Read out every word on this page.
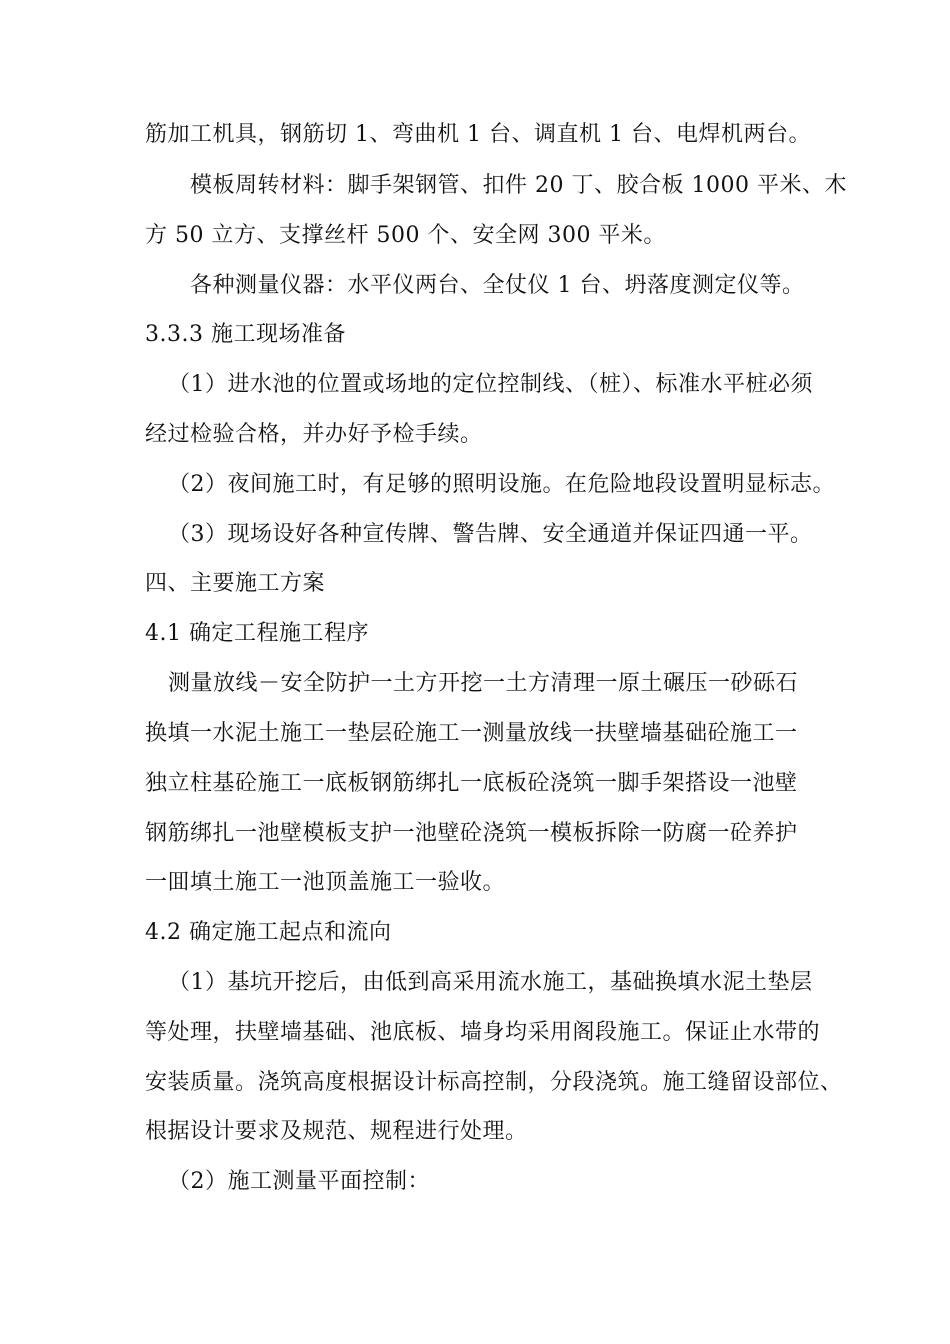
筋加工机具，钢筋切 1、弯曲机 1 台、调直机 1 台、电焊机两台。
模板周转材料：脚手架钢管、扣件 20 丁、胶合板 1000 平米、木
方 50 立方、支撑丝杆 500 个、安全网 300 平米。
各种测量仪器：水平仪两台、全仗仪 1 台、坍落度测定仪等。
3.3.3 施工现场准备
（1）进水池的位置或场地的定位控制线、（桩）、标准水平桩必须
经过检验合格，并办好予检手续。
（2）夜间施工时，有足够的照明设施。在危险地段设置明显标志。
（3）现场设好各种宣传牌、警告牌、安全通道并保证四通一平。
四、主要施工方案
4.1 确定工程施工程序
测量放线－安全防护一土方开挖一土方清理一原土碾压一砂砾石
换填一水泥土施工一垫层砼施工一测量放线一扶壁墙基础砼施工一
独立柱基砼施工一底板钢筋绑扎一底板砼浇筑一脚手架搭设一池壁
钢筋绑扎一池壁模板支护一池壁砼浇筑一模板拆除一防腐一砼养护
一囬填土施工一池顶盖施工一验收。
4.2 确定施工起点和流向
（1）基坑开挖后，由低到高采用流水施工，基础换填水泥土垫层
等处理，扶壁墙基础、池底板、墙身均采用阁段施工。保证止水带的
安装质量。浇筑高度根据设计标高控制，分段浇筑。施工缝留设部位、
根据设计要求及规范、规程进行处理。
（2）施工测量平面控制：
